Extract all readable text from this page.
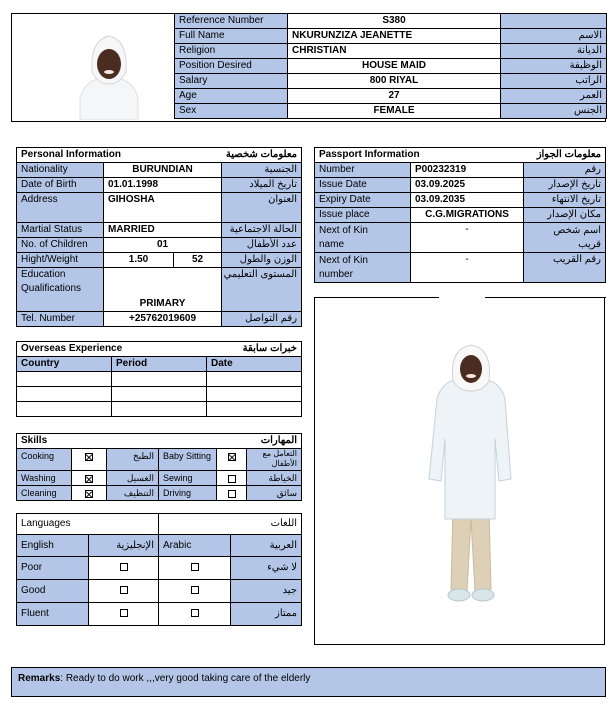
Reference Number	S380	
Full Name	NKURUNZIZA JEANETTE	الاسم
Religion	CHRISTIAN	الديانة
Position Desired	HOUSE MAID	الوظيفة
Salary	800 RIYAL	الراتب
Age	27	العمر
Sex	FEMALE	الجنس
Personal Information		معلومات شخصية	
Nationality	BURUNDIAN		الجنسية
Date of Birth	01.01.1998		تاريخ الميلاد
Address	GIHOSHA		العنوان
Martial Status	MARRIED		الحالة الاجتماعية
No. of Children	01		عدد الأطفال
Hight/Weight	1.50	52	الوزن والطول
Education
Qualifications	PRIMARY		المستوى التعليمي
Tel. Number	+25762019609		رقم التواصل
Passport Information		معلومات الجواز
Number	P00232319	رقم
Issue Date	03.09.2025	تاريخ الإصدار
Expiry Date	03.09.2035	تاريخ الانتهاء
Issue place	C.G.MIGRATIONS	مكان الإصدار
Next of Kin
name	-	اسم شخص
قريب
Next of Kin
number	-	رقم القريب
Overseas Experience		خبرات سابقة
Country	Period	Date

Skills			المهارات		
Cooking		الطبخ	Baby Sitting		التعامل مع
الأطفال
Washing		الغسيل	Sewing		الخياطة
Cleaning		التنظيف	Driving		سائق
Languages		اللغات	
English	الإنجليزية	Arabic	العربية
Poor			لا شيء
Good			جيد
Fluent			ممتاز
Remarks: Ready to do work ,,,very good taking care of the elderly
